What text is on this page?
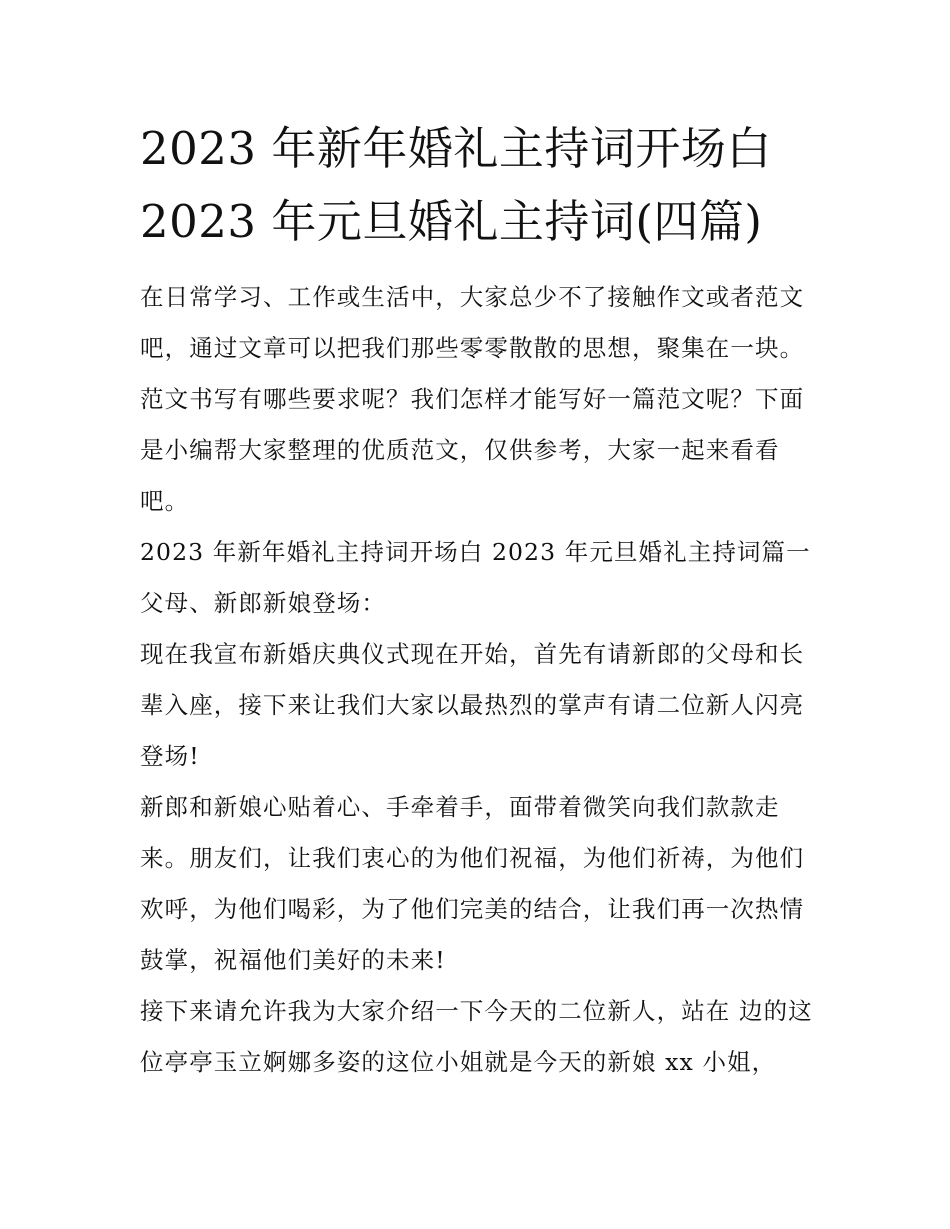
2023 年新年婚礼主持词开场白
2023 年元旦婚礼主持词(四篇)

在日常学习、工作或生活中，大家总少不了接触作文或者范文吧，通过文章可以把我们那些零零散散的思想，聚集在一块。范文书写有哪些要求呢？我们怎样才能写好一篇范文呢？下面是小编帮大家整理的优质范文，仅供参考，大家一起来看看吧。

2023 年新年婚礼主持词开场白 2023 年元旦婚礼主持词篇一 父母、新郎新娘登场：

现在我宣布新婚庆典仪式现在开始，首先有请新郎的父母和长辈入座，接下来让我们大家以最热烈的掌声有请二位新人闪亮登场!

新郎和新娘心贴着心、手牵着手，面带着微笑向我们款款走来。朋友们，让我们衷心的为他们祝福，为他们祈祷，为他们欢呼，为他们喝彩，为了他们完美的结合，让我们再一次热情鼓掌，祝福他们美好的未来!

接下来请允许我为大家介绍一下今天的二位新人，站在 边的这位亭亭玉立婀娜多姿的这位小姐就是今天的新娘 xx 小姐，
